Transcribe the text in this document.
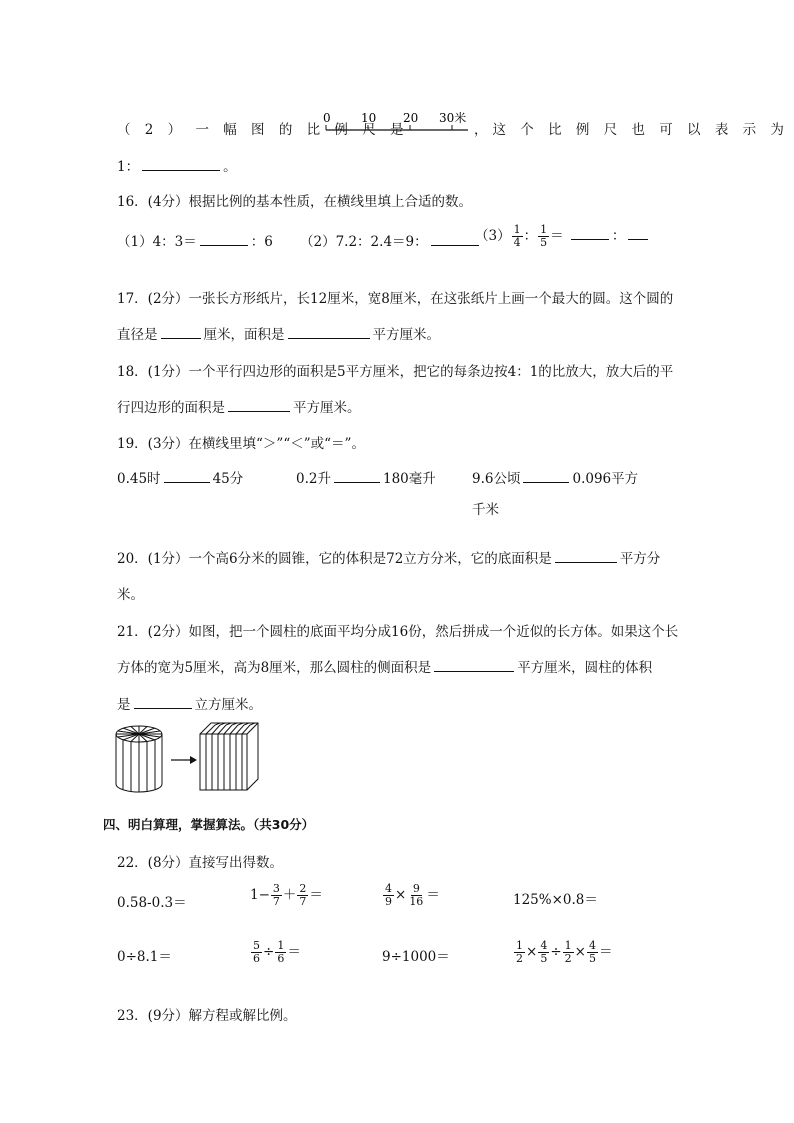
（ 2 ） 一 幅 图 的 比 例 尺 是
0	10 20 30米
，这 个 比 例 尺 也 可 以 表 示 为
1：	。
16．(4分）根据比例的基本性质，在横线里填上合适的数。
（1）4：3＝	：6 （2）7.2：2.4＝9：	$(3) \frac{1}{4}$ ： $\frac{1}{5}$ ＝	：
17．(2分）一张长方形纸片，长12厘米，宽8厘米，在这张纸片上画一个最大的圆。这个圆的
直径是	厘米，面积是	平方厘米。
18．(1分）一个平行四边形的面积是5平方厘米，把它的每条边按4：1的比放大，放大后的平
行四边形的面积是	平方厘米。
19．(3分）在横线里填“＞”“＜”或“＝”。
0.45时	45分	0.2升	180毫升	9.6公顷	0.096平方
千米
20．(1分）一个高6分米的圆锥，它的体积是72立方分米，它的底面积是	平方分
米。
21．(2分）如图，把一个圆柱的底面平均分成16份，然后拼成一个近似的长方体。如果这个长
方体的宽为5厘米，高为8厘米，那么圆柱的侧面积是	平方厘米，圆柱的体积
是	立方厘米。
四、明白算理，掌握算法。（共30分）
22．(8分）直接写出得数。
0.58-0.3＝	$1- \frac{3}{7} + \frac{2}{7}$ ＝	$\frac{4}{9} \times \frac{9}{16}$ ＝	125%×0.8＝
0÷8.1＝	$\frac{5}{6} \div \frac{1}{6}$ ＝	9÷1000＝	$\frac{1}{2} \times \frac{4}{5} \div \frac{1}{2} \times \frac{4}{5}$ ＝
23．(9分）解方程或解比例。
